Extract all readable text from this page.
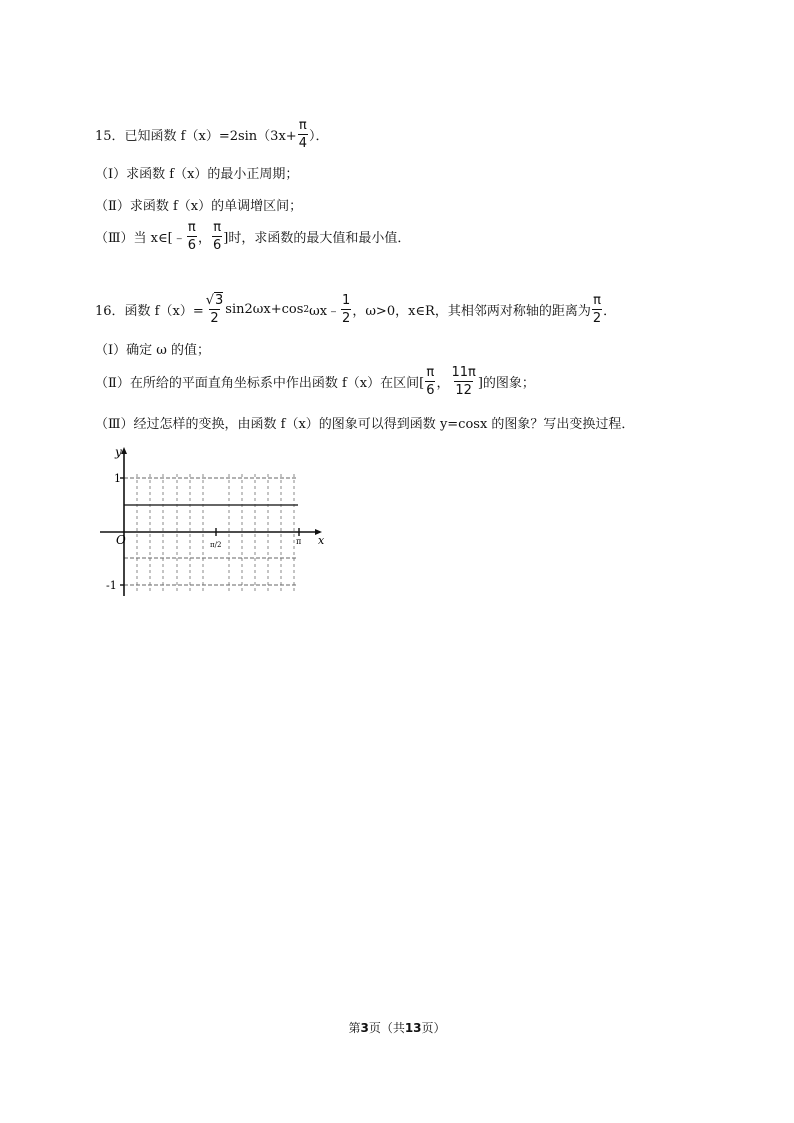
15．已知函数 $f(x)=2\sin(3x+ \frac{\pi}{4}$ ）．
（Ⅰ）求函数 f（x）的最小正周期；
（Ⅱ）求函数 f（x）的单调增区间；
（Ⅲ）当 x∈[﹣ $\frac{\pi}{6}$ ， $\frac{\pi}{6}$ ]时，求函数的最大值和最小值．
16．函数 $f(x)= \frac{√3}{2} \sin 2\omega x+\cos$ 2 ωx﹣ $\frac{1}{2}$ ，ω>0，x∈R，其相邻两对称轴的距离为 $\frac{\pi}{2}$ ．
（Ⅰ）确定 ω 的值；
（Ⅱ）在所给的平面直角坐标系中作出函数 f（x）在区间[ $\frac{\pi}{6}$ ， $\frac{11\pi}{12}$ ]的图象；
（Ⅲ）经过怎样的变换，由函数 f（x）的图象可以得到函数 y=cosx 的图象？写出变换过程．
y
x
O
1
-1
π/2	π
第3页（共13页）
